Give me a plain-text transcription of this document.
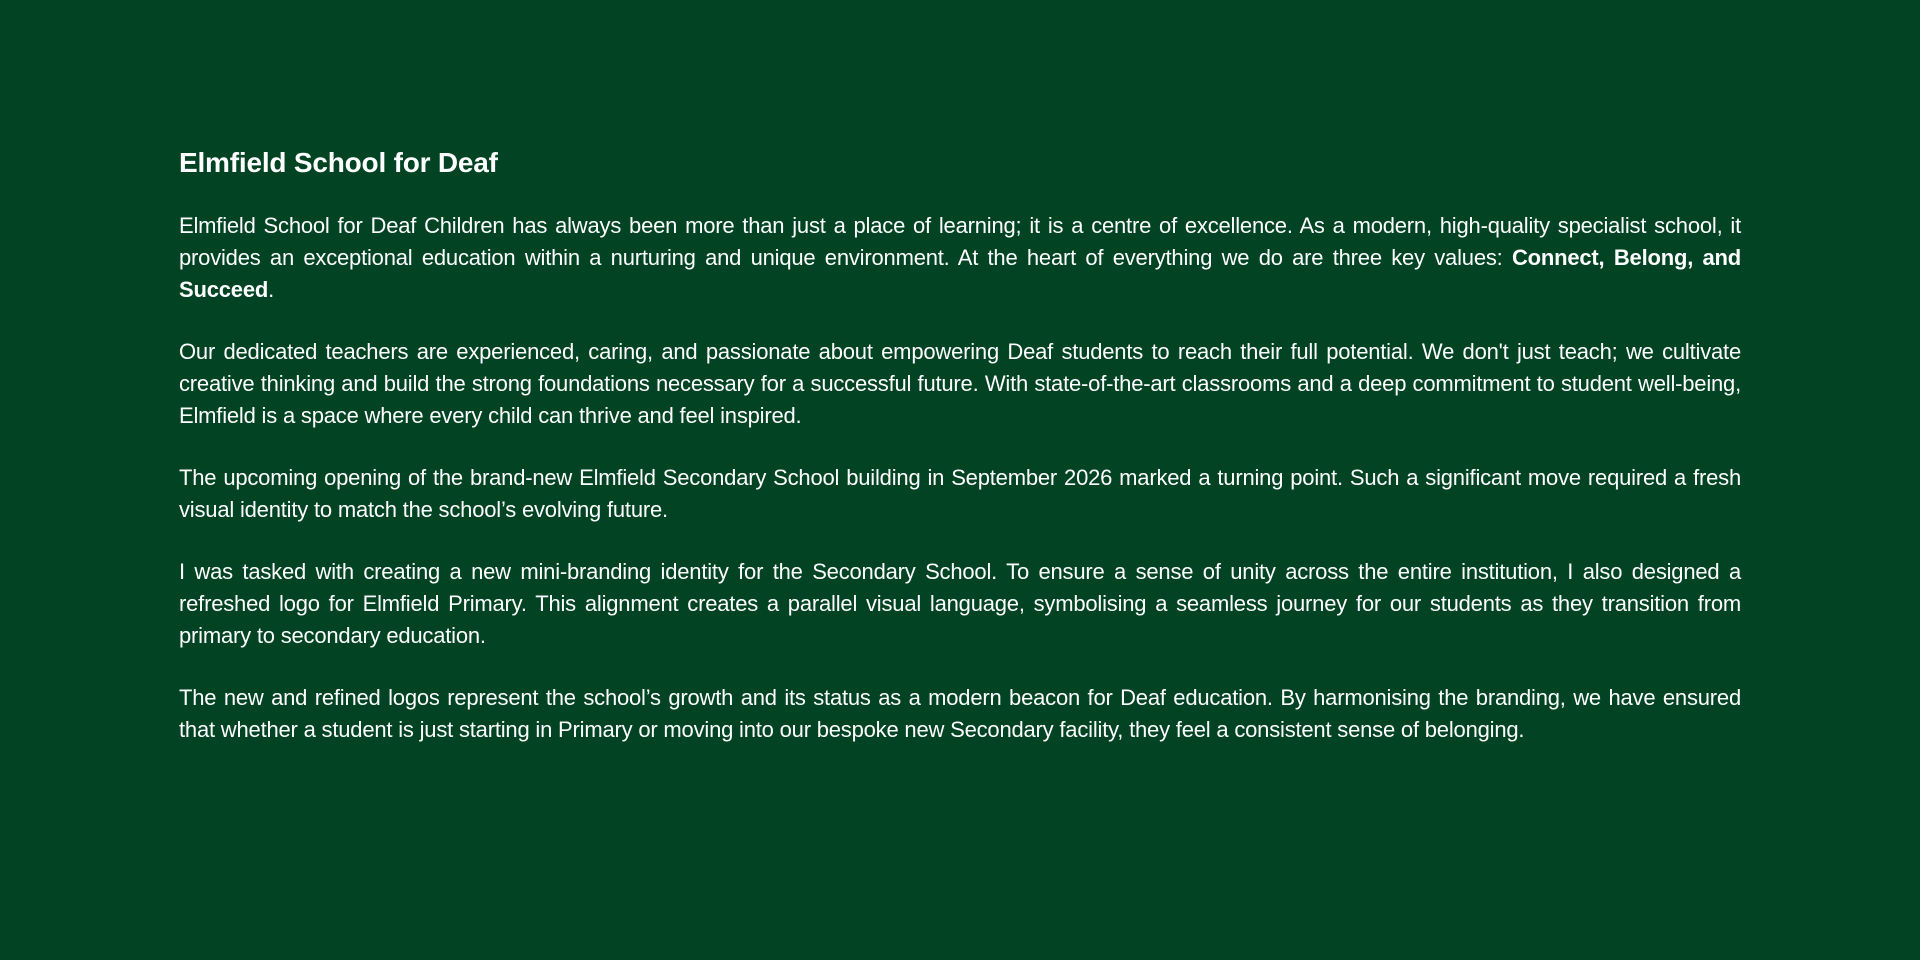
Elmfield School for Deaf

Elmfield School for Deaf Children has always been more than just a place of learning; it is a centre of excellence. As a modern, high-quality specialist school, it provides an exceptional education within a nurturing and unique environment. At the heart of everything we do are three key values: Connect, Belong, and Succeed.

Our dedicated teachers are experienced, caring, and passionate about empowering Deaf students to reach their full potential. We don't just teach; we cultivate creative thinking and build the strong foundations necessary for a successful future. With state-of-the-art classrooms and a deep commitment to student well-being, Elmfield is a space where every child can thrive and feel inspired.

The upcoming opening of the brand-new Elmfield Secondary School building in September 2026 marked a turning point. Such a significant move required a fresh visual identity to match the school’s evolving future.

I was tasked with creating a new mini-branding identity for the Secondary School. To ensure a sense of unity across the entire institution, I also designed a refreshed logo for Elmfield Primary. This alignment creates a parallel visual language, symbolising a seamless journey for our students as they transition from primary to secondary education.

The new and refined logos represent the school’s growth and its status as a modern beacon for Deaf education. By harmonising the branding, we have ensured that whether a student is just starting in Primary or moving into our bespoke new Secondary facility, they feel a consistent sense of belonging.
